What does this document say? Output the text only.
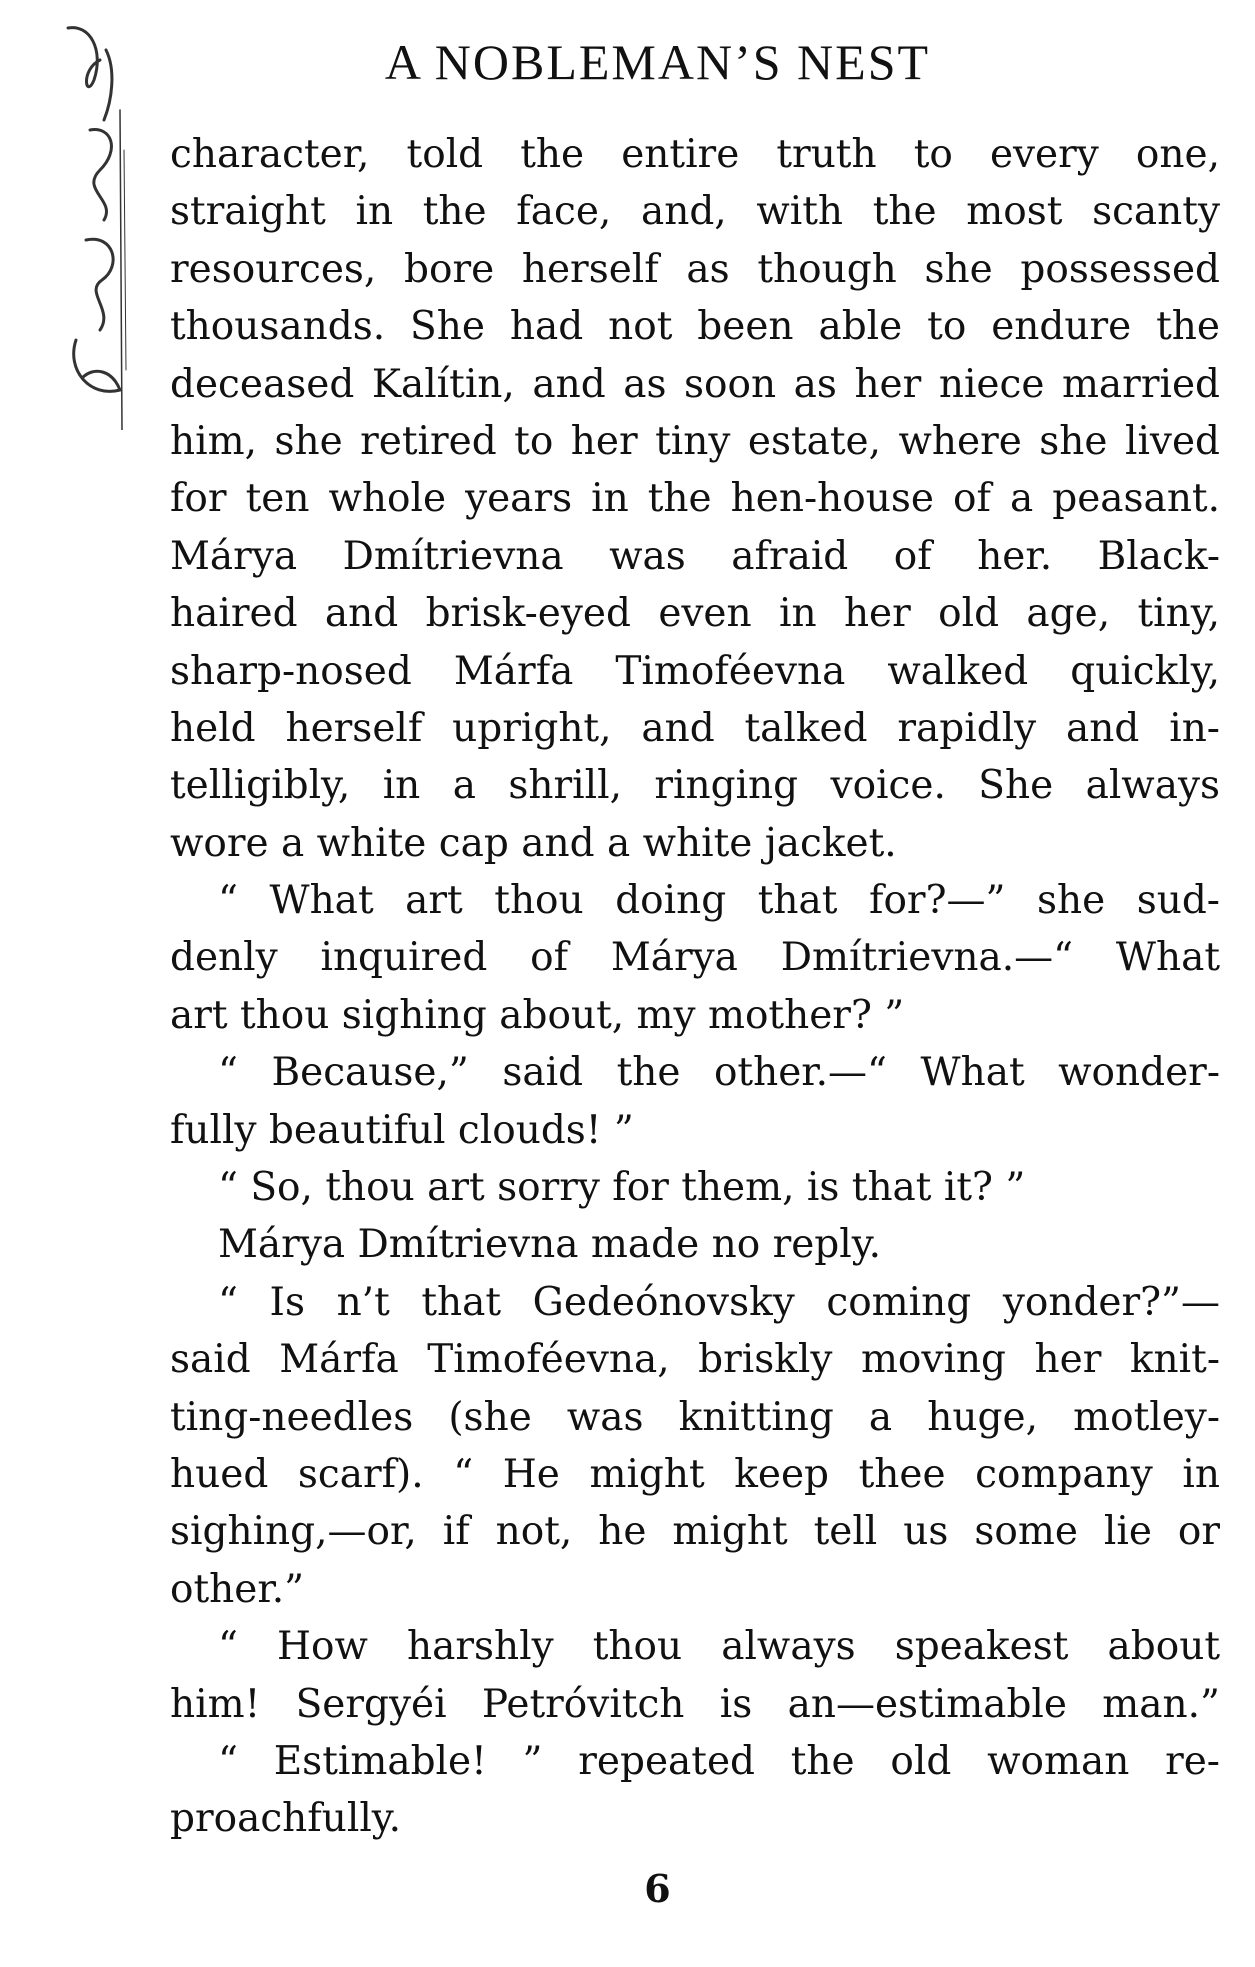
A NOBLEMAN’S NEST
character, told the entire truth to every one,
straight in the face, and, with the most scanty
resources, bore herself as though she possessed
thousands. She had not been able to endure the
deceased Kalítin, and as soon as her niece married
him, she retired to her tiny estate, where she lived
for ten whole years in the hen-house of a peasant.
Márya Dmítrievna was afraid of her. Black-
haired and brisk-eyed even in her old age, tiny,
sharp-nosed Márfa Timoféevna walked quickly,
held herself upright, and talked rapidly and in-
telligibly, in a shrill, ringing voice. She always
wore a white cap and a white jacket.
“ What art thou doing that for?—” she sud-
denly inquired of Márya Dmítrievna.—“ What
art thou sighing about, my mother? ”
“ Because,” said the other.—“ What wonder-
fully beautiful clouds! ”
“ So, thou art sorry for them, is that it? ”
Márya Dmítrievna made no reply.
“ Is n’t that Gedeónovsky coming yonder?”—
said Márfa Timoféevna, briskly moving her knit-
ting-needles (she was knitting a huge, motley-
hued scarf). “ He might keep thee company in
sighing,—or, if not, he might tell us some lie or
other.”
“ How harshly thou always speakest about
him! Sergyéi Petróvitch is an—estimable man.”
“ Estimable! ” repeated the old woman re-
proachfully.
6
